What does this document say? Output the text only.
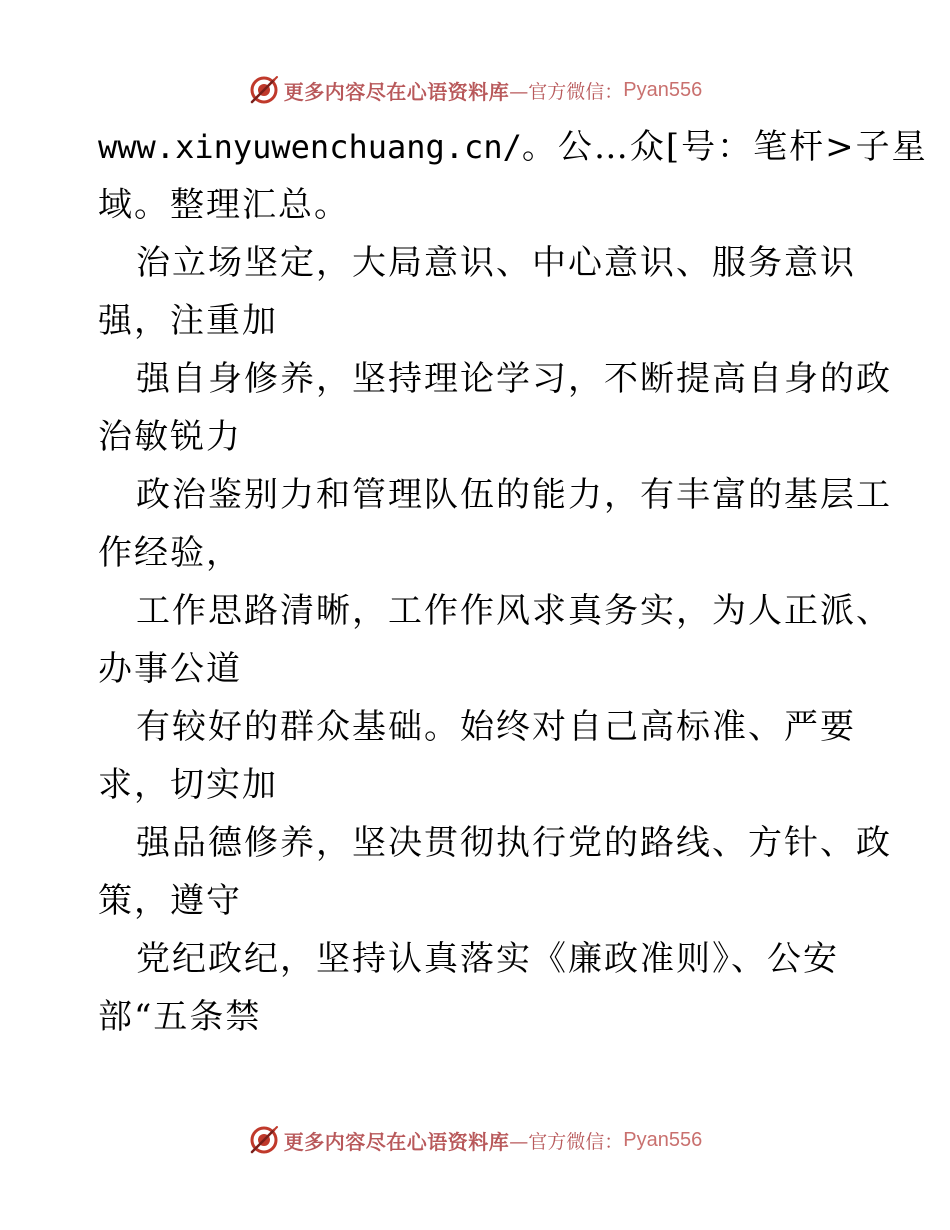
更多内容尽在心语资料库 —官方微信： Pyan556
www.xinyuwenchuang.cn/。公…众[号：笔杆>子星
域。整理汇总。
治立场坚定，大局意识、中心意识、服务意识
强，注重加
强自身修养，坚持理论学习，不断提高自身的政
治敏锐力
政治鉴别力和管理队伍的能力，有丰富的基层工
作经验，
工作思路清晰，工作作风求真务实，为人正派、
办事公道
有较好的群众基础。始终对自己高标准、严要
求，切实加
强品德修养，坚决贯彻执行党的路线、方针、政
策，遵守
党纪政纪，坚持认真落实《廉政准则》、公安
部“五条禁
更多内容尽在心语资料库 —官方微信： Pyan556
